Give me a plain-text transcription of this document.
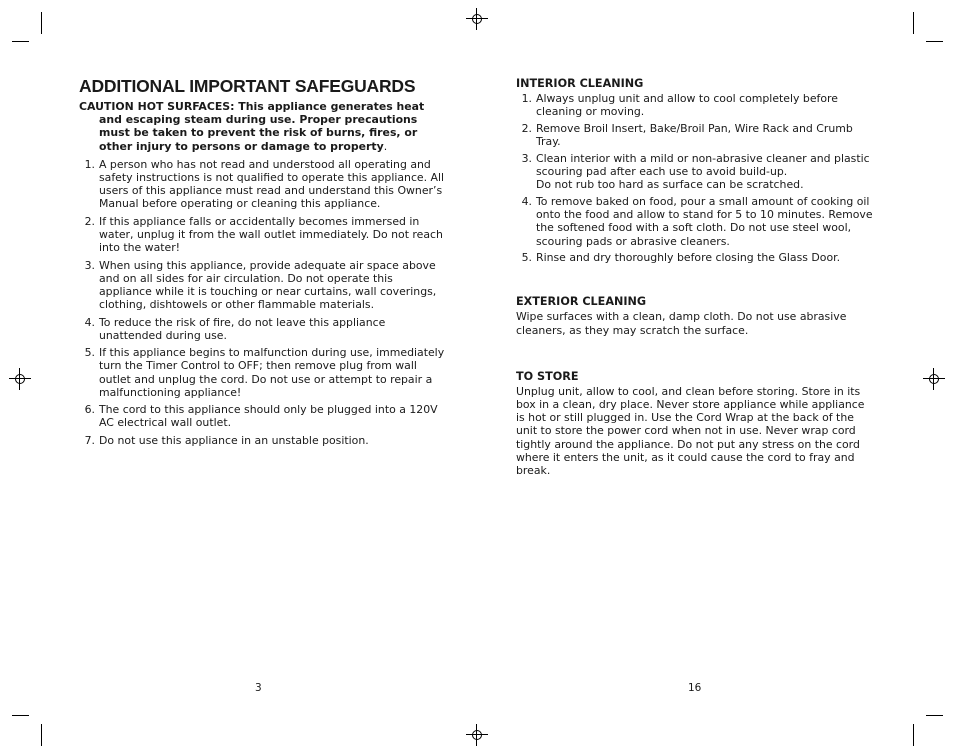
ADDITIONAL IMPORTANT SAFEGUARDS

CAUTION HOT SURFACES: This appliance generates heat and escaping steam during use. Proper precautions must be taken to prevent the risk of burns, fires, or other injury to persons or damage to property.

1. A person who has not read and understood all operating and safety instructions is not qualified to operate this appliance. All users of this appliance must read and understand this Owner’s Manual before operating or cleaning this appliance.
2. If this appliance falls or accidentally becomes immersed in water, unplug it from the wall outlet immediately. Do not reach into the water!
3. When using this appliance, provide adequate air space above and on all sides for air circulation. Do not operate this appliance while it is touching or near curtains, wall coverings, clothing, dishtowels or other flammable materials.
4. To reduce the risk of fire, do not leave this appliance unattended during use.
5. If this appliance begins to malfunction during use, immediately turn the Timer Control to OFF; then remove plug from wall outlet and unplug the cord. Do not use or attempt to repair a malfunctioning appliance!
6. The cord to this appliance should only be plugged into a 120V AC electrical wall outlet.
7. Do not use this appliance in an unstable position.
3
INTERIOR CLEANING
1. Always unplug unit and allow to cool completely before cleaning or moving.
2. Remove Broil Insert, Bake/Broil Pan, Wire Rack and Crumb Tray.
3. Clean interior with a mild or non-abrasive cleaner and plastic scouring pad after each use to avoid build-up.
Do not rub too hard as surface can be scratched.
4. To remove baked on food, pour a small amount of cooking oil onto the food and allow to stand for 5 to 10 minutes. Remove the softened food with a soft cloth. Do not use steel wool, scouring pads or abrasive cleaners.
5. Rinse and dry thoroughly before closing the Glass Door.
EXTERIOR CLEANING

Wipe surfaces with a clean, damp cloth. Do not use abrasive cleaners, as they may scratch the surface.

TO STORE

Unplug unit, allow to cool, and clean before storing. Store in its box in a clean, dry place. Never store appliance while appliance is hot or still plugged in. Use the Cord Wrap at the back of the unit to store the power cord when not in use. Never wrap cord tightly around the appliance. Do not put any stress on the cord where it enters the unit, as it could cause the cord to fray and break.

16
